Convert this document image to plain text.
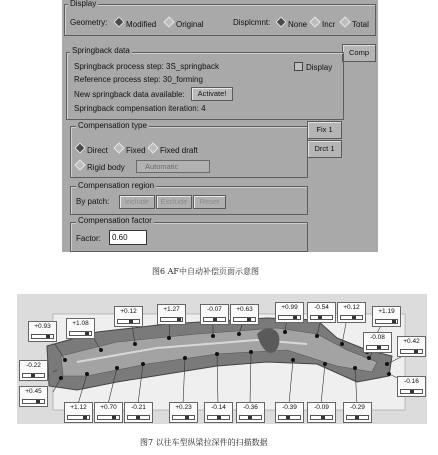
Display
Geometry:	Modified	Original	Displcmnt:	None	Incr	Total
Comp
Springback data
Springback process step: 3S_springback	Display
Reference process step: 30_forming
New springback data available:	Activate!
Springback compensation iteration: 4
Fix 1
Drct 1
Compensation type
Direct	Fixed	Fixed draft
Rigid body	Automatic
Compensation region
By patch:	Include	Exclude	Reset
Compensation factor
Factor:	0.60
图6 AF中自动补偿页面示意图
+0.93	+1.08
+0.12	+1.27	-0.07	+0.63	+0.99	-0.54	+0.12
+1.19
-0.22
+0.45
+1.12	+0.70	-0.21	+0.23	-0.14	-0.36	-0.39	-0.09	-0.29
-0.08
+0.42
-0.16
图7 以往车型纵梁拉深件的扫描数据
